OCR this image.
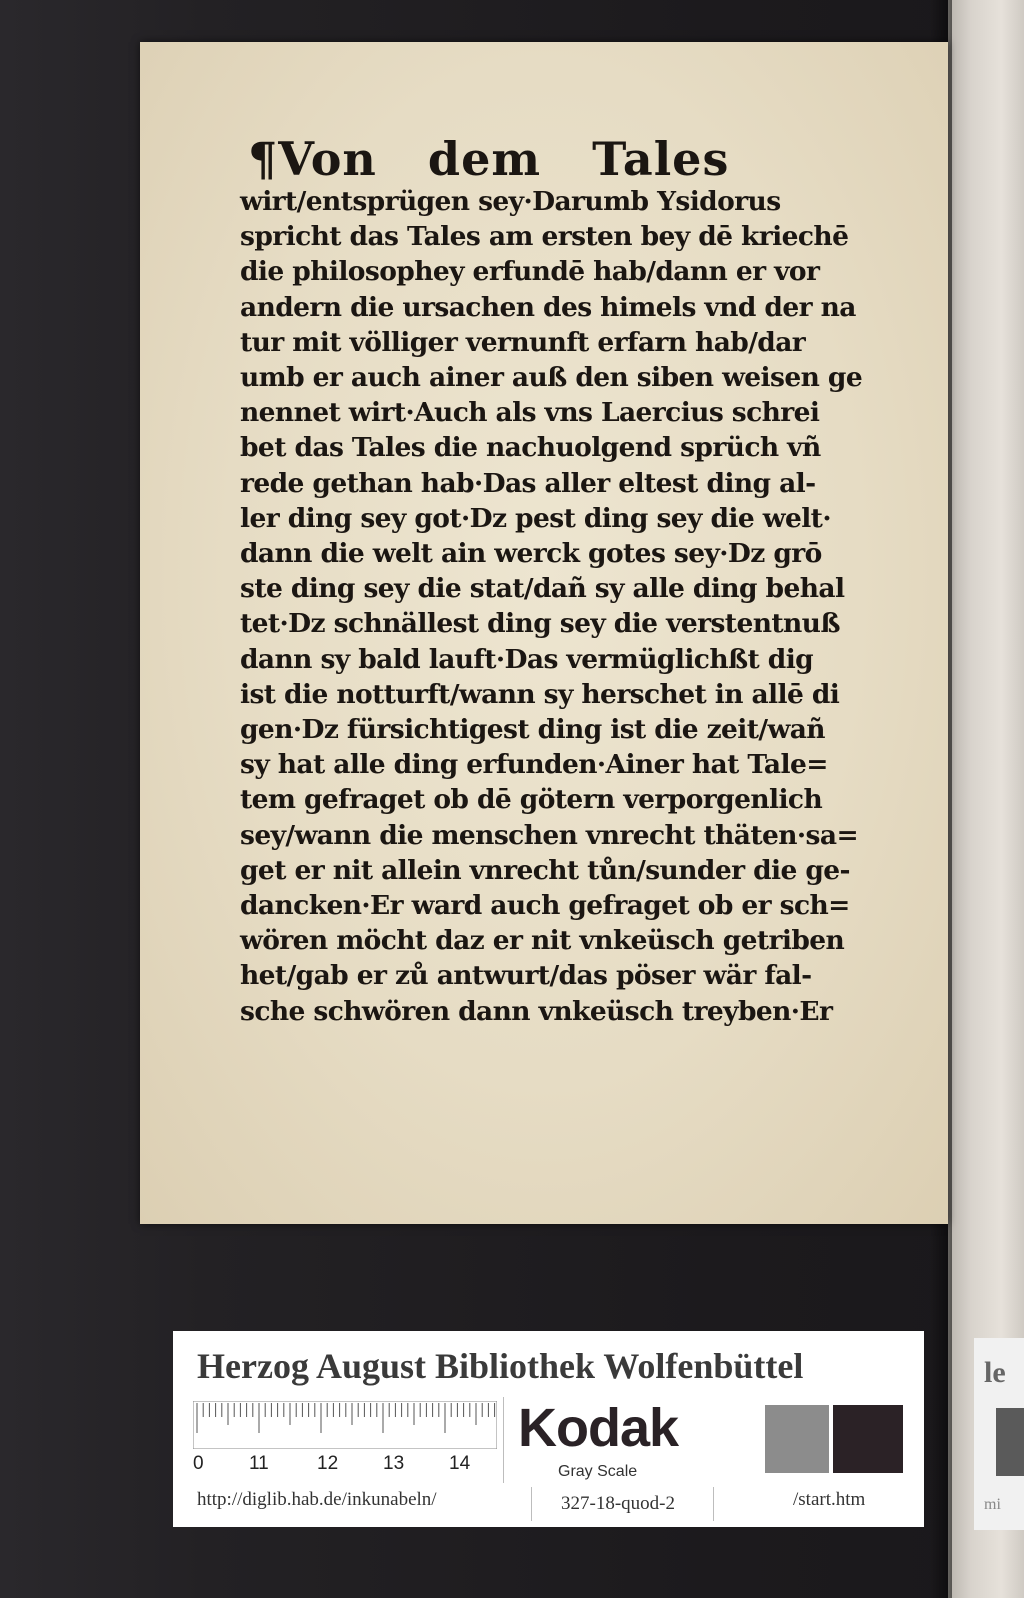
¶Von   dem   Tales
wirt/entsprügen sey·Darumb Ysidorus
spricht das Tales am ersten bey dē kriechē
die philosophey erfundē hab/dann er vor
andern die ursachen des himels vnd der na
tur mit völliger vernunft erfarn hab/dar
umb er auch ainer auß den siben weisen ge
nennet wirt·Auch als vns Laercius schrei
bet das Tales die nachuolgend sprüch vñ
rede gethan hab·Das aller eltest ding al-
ler ding sey got·Dz pest ding sey die welt·
dann die welt ain werck gotes sey·Dz grō
ste ding sey die stat/dañ sy alle ding behal
tet·Dz schnällest ding sey die verstentnuß
dann sy bald lauft·Das vermüglichßt dig
ist die notturft/wann sy herschet in allē di
gen·Dz fürsichtigest ding ist die zeit/wañ
sy hat alle ding erfunden·Ainer hat Tale=
tem gefraget ob dē götern verporgenlich
sey/wann die menschen vnrecht thäten·sa=
get er nit allein vnrecht tůn/sunder die ge-
dancken·Er ward auch gefraget ob er sch=
wören möcht daz er nit vnkeüsch getriben
het/gab er zů antwurt/das pöser wär fal-
sche schwören dann vnkeüsch treyben·Er
Herzog August Bibliothek Wolfenbüttel
0 11	12 13 14
Kodak
Gray Scale
http://diglib.hab.de/inkunabeln/	327-18-quod-2	/start.htm
le
mi
